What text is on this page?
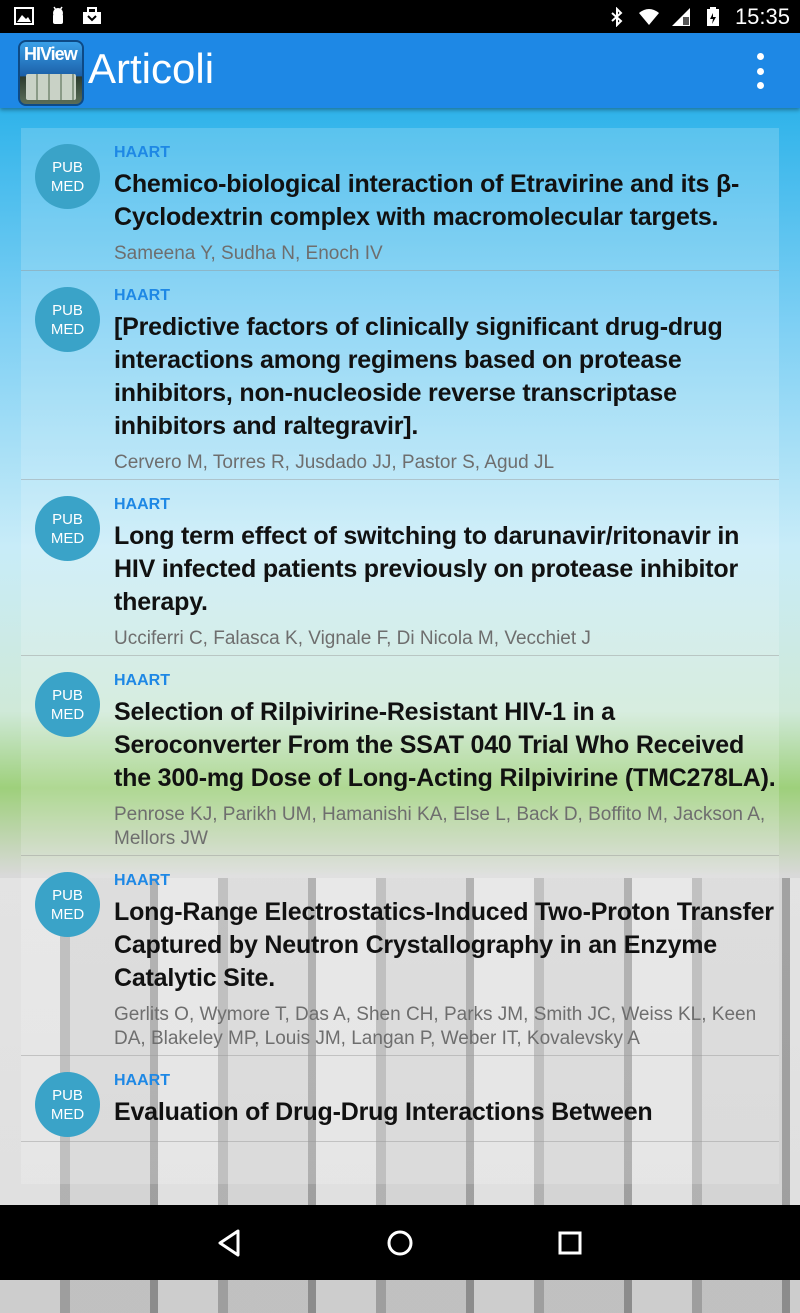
15:35
HIView Articoli
PUB
MED
HAART
Chemico-biological interaction of Etravirine and its β-Cyclodextrin complex with macromolecular targets.
Sameena Y, Sudha N, Enoch IV
PUB
MED
HAART
[Predictive factors of clinically significant drug-drug interactions among regimens based on protease inhibitors, non-nucleoside reverse transcriptase inhibitors and raltegravir].
Cervero M, Torres R, Jusdado JJ, Pastor S, Agud JL
PUB
MED
HAART
Long term effect of switching to darunavir/ritonavir in HIV infected patients previously on protease inhibitor therapy.
Ucciferri C, Falasca K, Vignale F, Di Nicola M, Vecchiet J
PUB
MED
HAART
Selection of Rilpivirine-Resistant HIV-1 in a Seroconverter From the SSAT 040 Trial Who Received the 300-mg Dose of Long-Acting Rilpivirine (TMC278LA).
Penrose KJ, Parikh UM, Hamanishi KA, Else L, Back D, Boffito M, Jackson A, Mellors JW
PUB
MED
HAART
Long-Range Electrostatics-Induced Two-Proton Transfer Captured by Neutron Crystallography in an Enzyme Catalytic Site.
Gerlits O, Wymore T, Das A, Shen CH, Parks JM, Smith JC, Weiss KL, Keen DA, Blakeley MP, Louis JM, Langan P, Weber IT, Kovalevsky A
PUB
MED
HAART
Evaluation of Drug-Drug Interactions Between
